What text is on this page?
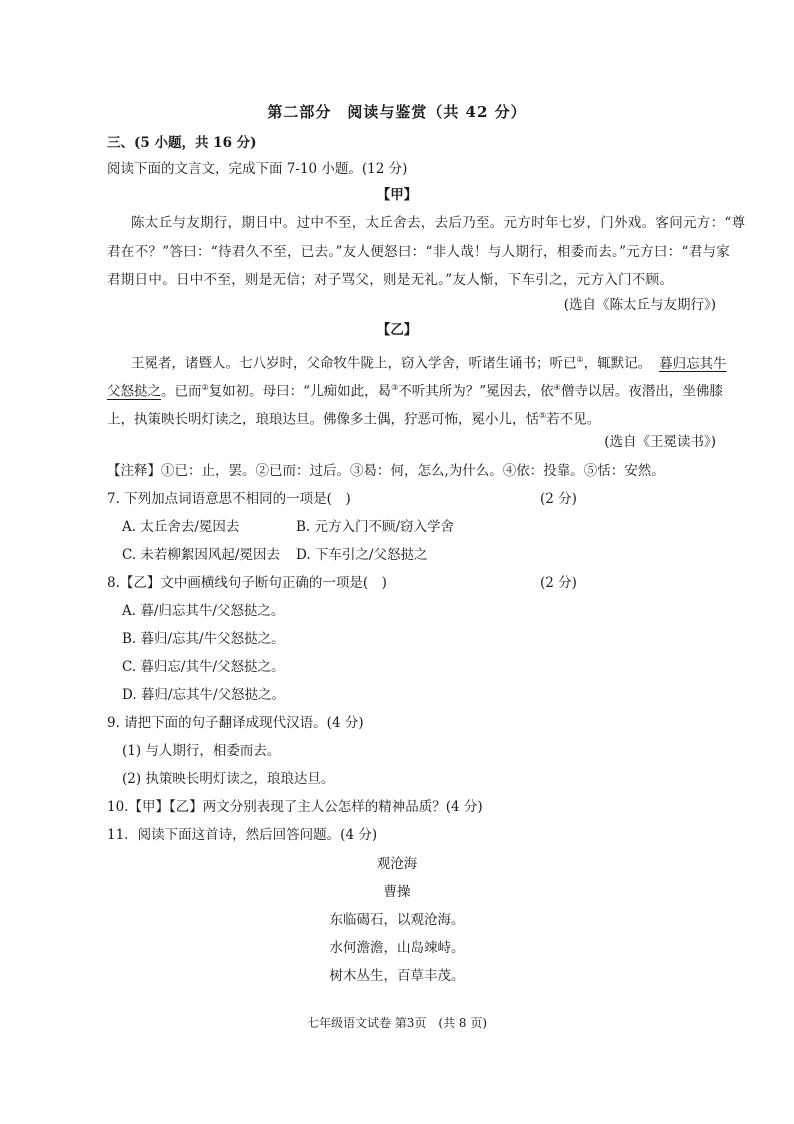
第二部分　阅读与鉴赏（共 42 分）
三、(5 小题，共 16 分)
阅读下面的文言文，完成下面 7-10 小题。(12 分)
【甲】
陈太丘与友期行，期日中。过中不至，太丘舍去，去后乃至。元方时年七岁，门外戏。客问元方：“尊
君在不？”答曰：“待君久不至，已去。”友人便怒曰：“非人哉！与人期行，相委而去。”元方曰：“君与家
君期日中。日中不至，则是无信；对子骂父，则是无礼。”友人惭，下车引之，元方入门不顾。
(选自《陈太丘与友期行》)
【乙】
王冕者，诸暨人。七八岁时，父命牧牛陇上，窃入学舍，听诸生诵书；听已①，辄默记。 暮归忘其牛
父怒挞之。已而②复如初。母曰：“儿痴如此，曷③不听其所为？”冕因去，依④僧寺以居。夜潜出，坐佛膝
上，执策映长明灯读之，琅琅达旦。佛像多土偶，狞恶可怖，冕小儿，恬⑤若不见。
(选自《王冕读书》)
【注释】①已：止，罢。②已而：过后。③曷：何，怎么,为什么。④依：投靠。⑤恬：安然。
7. 下列加点词语意思不相同的一项是(　)	(2 分)
A. 太丘舍去/冕因去	B. 元方入门不顾/窃入学舍
C. 未若柳絮因风起/冕因去 D. 下车引之/父怒挞之
8.【乙】文中画横线句子断句正确的一项是(　)	(2 分)
A. 暮/归忘其牛/父怒挞之。
B. 暮归/忘其/牛父怒挞之。
C. 暮归忘/其牛/父怒挞之。
D. 暮归/忘其牛/父怒挞之。
9. 请把下面的句子翻译成现代汉语。(4 分)
(1) 与人期行，相委而去。
(2) 执策映长明灯读之，琅琅达旦。
10.【甲】【乙】两文分别表现了主人公怎样的精神品质？(4 分)
11．阅读下面这首诗，然后回答问题。(4 分)
观沧海
曹操
东临碣石，以观沧海。
水何澹澹，山岛竦峙。
树木丛生，百草丰茂。
七年级语文试卷 第3页　(共 8 页)
